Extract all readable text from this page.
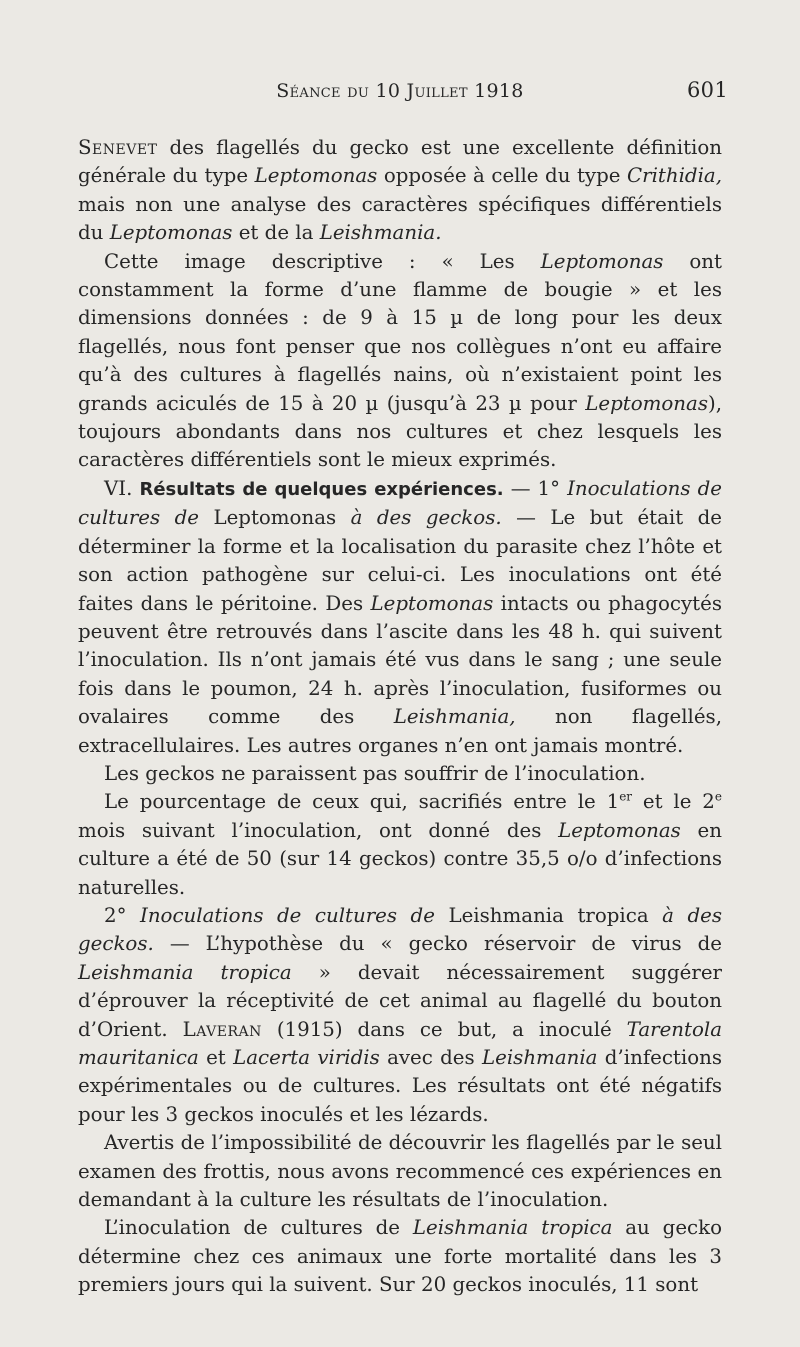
Séance du 10 Juillet 1918	601

Senevet des flagellés du gecko est une excellente définition générale du type Leptomonas opposée à celle du type Crithidia, mais non une analyse des caractères spécifiques différentiels du Leptomonas et de la Leishmania.

Cette image descriptive : « Les Leptomonas ont constamment la forme d’une flamme de bougie » et les dimensions données : de 9 à 15 µ de long pour les deux flagellés, nous font penser que nos collègues n’ont eu affaire qu’à des cultures à flagellés nains, où n’existaient point les grands aciculés de 15 à 20 µ (jusqu’à 23 µ pour Leptomonas), toujours abondants dans nos cultures et chez lesquels les caractères différentiels sont le mieux exprimés.

VI. Résultats de quelques expériences. — 1° Inoculations de cultures de Leptomonas à des geckos. — Le but était de déterminer la forme et la localisation du parasite chez l’hôte et son action pathogène sur celui-ci. Les inoculations ont été faites dans le péritoine. Des Leptomonas intacts ou phagocytés peuvent être retrouvés dans l’ascite dans les 48 h. qui suivent l’inoculation. Ils n’ont jamais été vus dans le sang ; une seule fois dans le poumon, 24 h. après l’inoculation, fusiformes ou ovalaires comme des Leishmania, non flagellés, extracellulaires. Les autres organes n’en ont jamais montré.

Les geckos ne paraissent pas souffrir de l’inoculation.

Le pourcentage de ceux qui, sacrifiés entre le 1er et le 2e mois suivant l’inoculation, ont donné des Leptomonas en culture a été de 50 (sur 14 geckos) contre 35,5 o/o d’infections naturelles.

2° Inoculations de cultures de Leishmania tropica à des geckos. — L’hypothèse du « gecko réservoir de virus de Leishmania tropica » devait nécessairement suggérer d’éprouver la réceptivité de cet animal au flagellé du bouton d’Orient. Laveran (1915) dans ce but, a inoculé Tarentola mauritanica et Lacerta viridis avec des Leishmania d’infections expérimentales ou de cultures. Les résultats ont été négatifs pour les 3 geckos inoculés et les lézards.

Avertis de l’impossibilité de découvrir les flagellés par le seul examen des frottis, nous avons recommencé ces expériences en demandant à la culture les résultats de l’inoculation.

L’inoculation de cultures de Leishmania tropica au gecko détermine chez ces animaux une forte mortalité dans les 3 premiers jours qui la suivent. Sur 20 geckos inoculés, 11 sont
